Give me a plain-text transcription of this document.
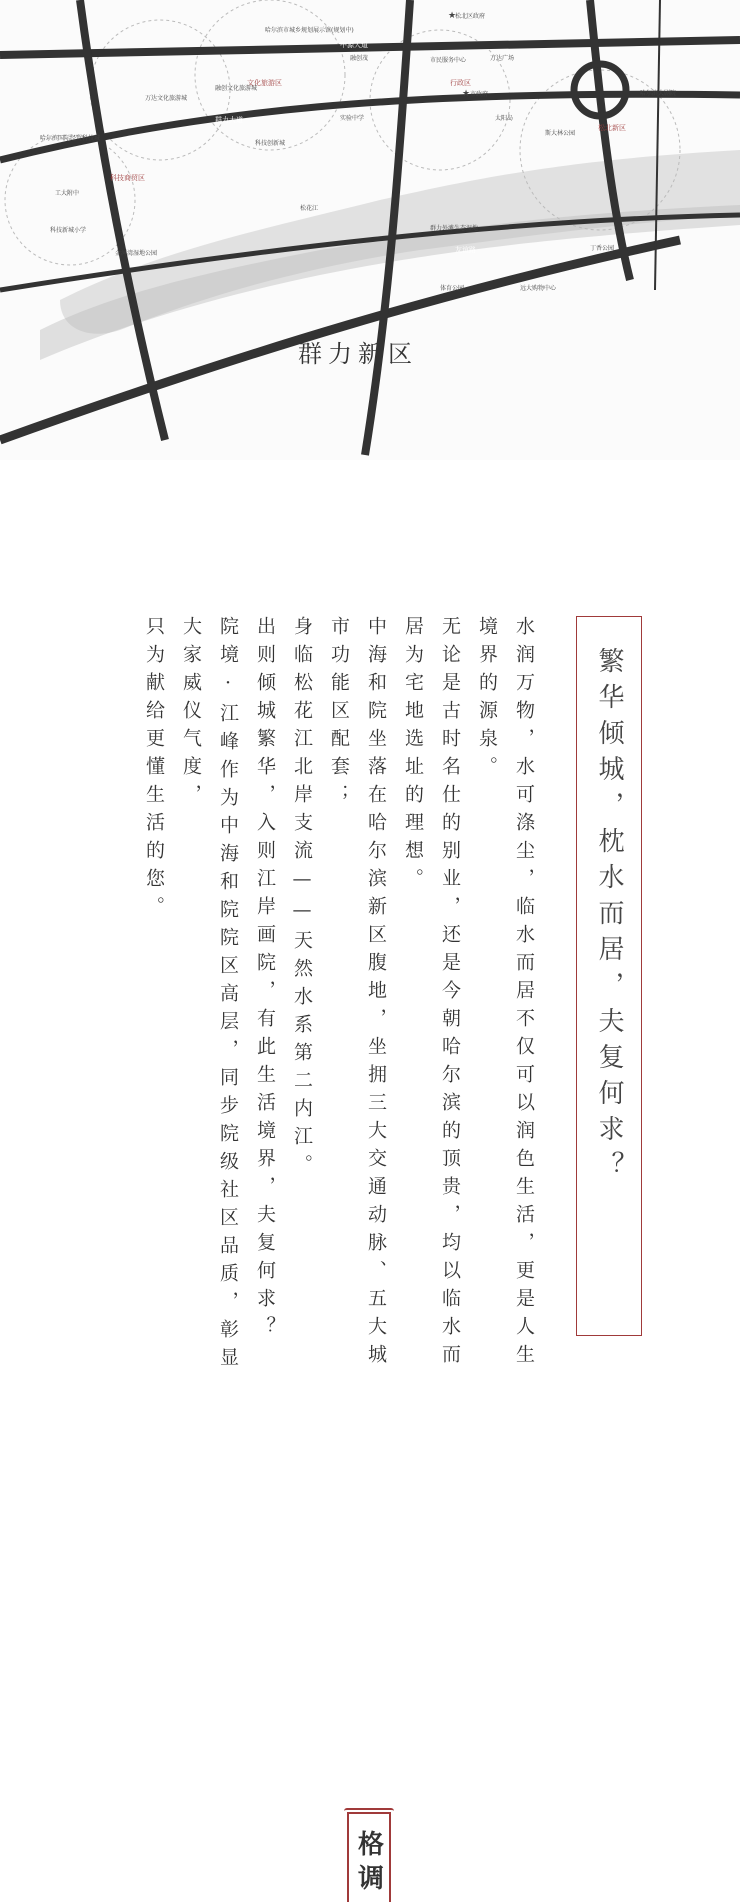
中源大道
群力大道
友谊路
松花江
文化旅游区	行政区
科技商贸区
松北新区
松北区政府
哈尔滨市城乡规划展示馆(规划中)
市政府
市民服务中心
融创文化旅游城
科技创新城
万达文化旅游城
万达广场
融创茂
哈尔滨大剧院
金河湾湿地公园
群力外滩生态湿地
太阳岛
斯大林公园
体育公园	远大购物中心
丁香公园
实验中学
哈尔滨国际经贸科技城
工大附中
科技新城小学
★
★
群力新区
繁华倾城，枕水而居，夫复何求？

水润万物，水可涤尘，临水而居不仅可以润色生活，更是人生

境界的源泉。

无论是古时名仕的别业，还是今朝哈尔滨的顶贵，均以临水而

居为宅地选址的理想。

中海和院坐落在哈尔滨新区腹地，坐拥三大交通动脉、五大城

市功能区配套；

身临松花江北岸支流——天然水系第二内江。

出则倾城繁华，入则江岸画院，有此生活境界，夫复何求？

院境·江峰作为中海和院院区高层，同步院级社区品质，彰显

大家威仪气度，

只为献给更懂生活的您。

格调
